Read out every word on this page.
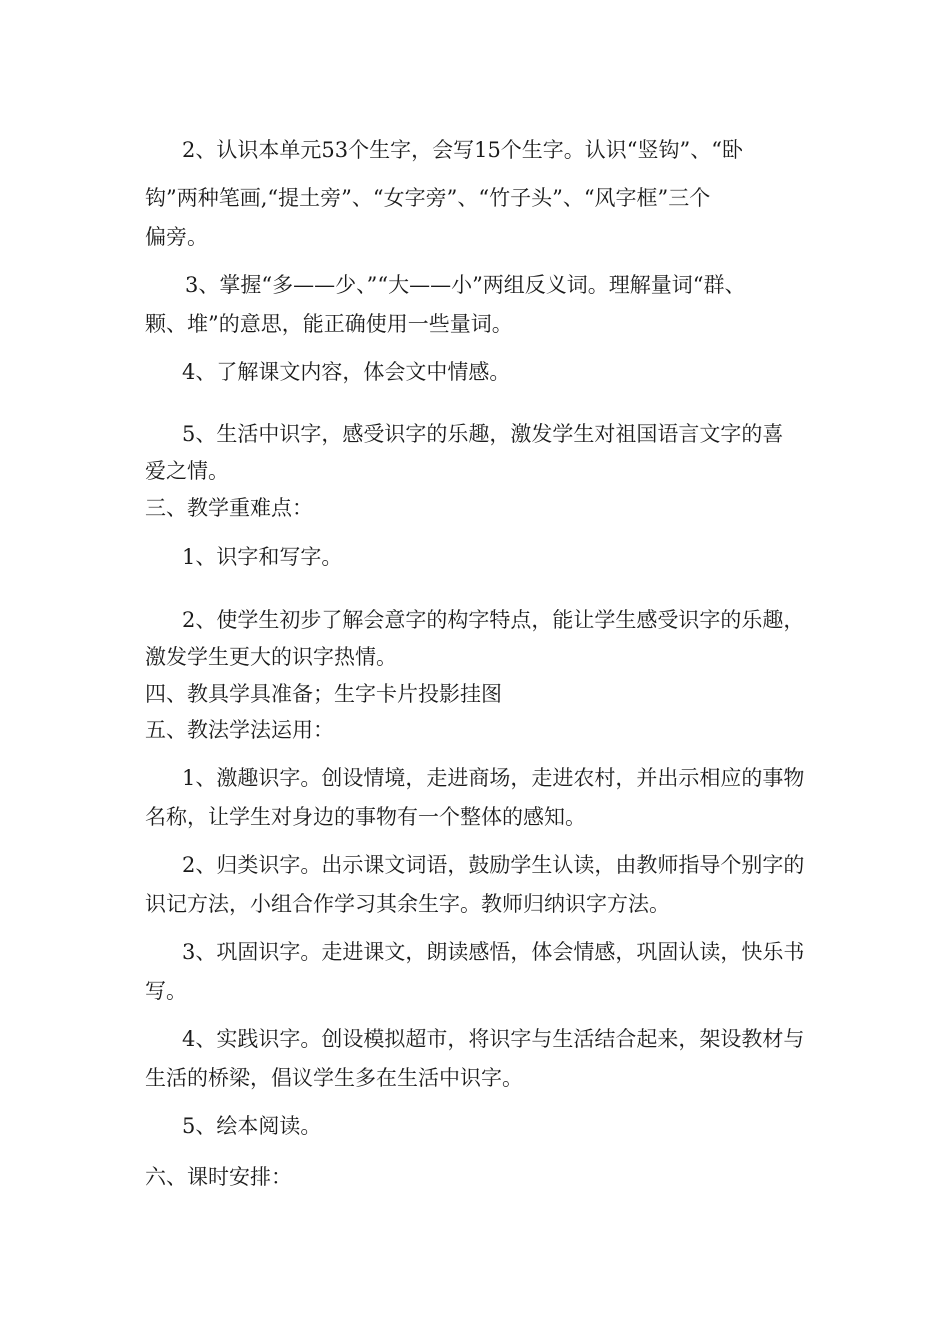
2、认识本单元53个生字，会写15个生字。认识“竖钩”、“卧
钩”两种笔画,“提土旁”、“女字旁”、“竹子头”、“风字框”三个
偏旁。
3、掌握“多——少、”“大——小”两组反义词。理解量词“群、
颗、堆”的意思，能正确使用一些量词。
4、了解课文内容，体会文中情感。
5、生活中识字，感受识字的乐趣，激发学生对祖国语言文字的喜
爱之情。
三、教学重难点：
1、识字和写字。
2、使学生初步了解会意字的构字特点，能让学生感受识字的乐趣，
激发学生更大的识字热情。
四、教具学具准备；生字卡片投影挂图
五、教法学法运用：
1、激趣识字。创设情境，走进商场，走进农村，并出示相应的事物
名称，让学生对身边的事物有一个整体的感知。
2、归类识字。出示课文词语，鼓励学生认读，由教师指导个别字的
识记方法，小组合作学习其余生字。教师归纳识字方法。
3、巩固识字。走进课文，朗读感悟，体会情感，巩固认读，快乐书
写。
4、实践识字。创设模拟超市，将识字与生活结合起来，架设教材与
生活的桥梁，倡议学生多在生活中识字。
5、绘本阅读。
六、课时安排：
